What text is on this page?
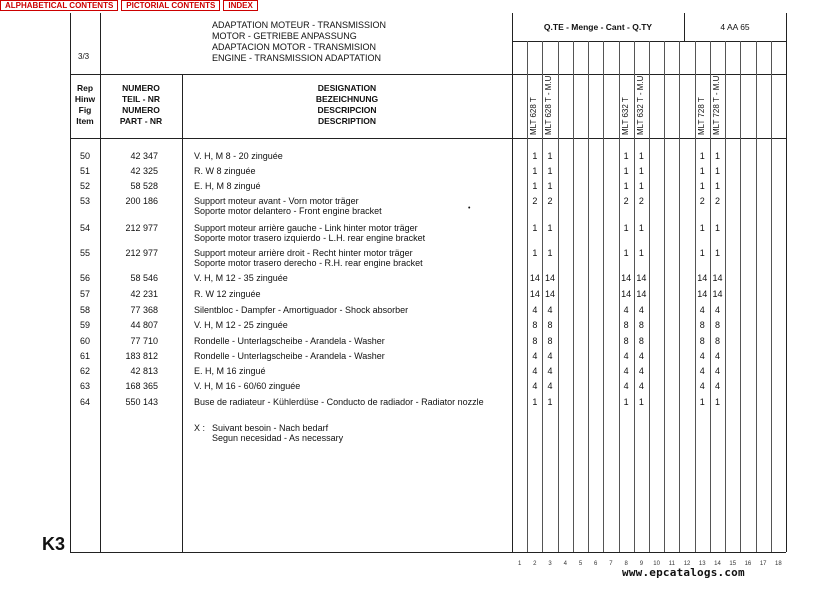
ALPHABETICAL CONTENTS	PICTORIAL CONTENTS	INDEX
3/3
ADAPTATION MOTEUR - TRANSMISSION
MOTOR - GETRIEBE ANPASSUNG
ADAPTACION MOTOR - TRANSMISION
ENGINE - TRANSMISSION ADAPTATION
Q.TE - Menge - Cant - Q.TY	4 AA 65
Rep
Hinw
Fig
Item
NUMERO
TEIL - NR
NUMERO
PART - NR
DESIGNATION
BEZEICHNUNG
DESCRIPCION
DESCRIPTION	MLT 628 T MLT 628 T - M.U.	MLT 632 T MLT 632 T - M.U.	MLT 728 T MLT 728 T - M.U.
50	42 347	V. H, M 8 - 20 zinguée	1	1	1	1	1	1
51	42 325	R. W 8 zinguée	1	1	1	1	1	1
52	58 528	E. H, M 8 zingué	1	1	1	1	1	1
53	200 186	Support moteur avant - Vorn motor träger
Soporte motor delantero - Front engine bracket
2	2	2	2	2	2
54	212 977	Support moteur arrière gauche - Link hinter motor träger
Soporte motor trasero izquierdo - L.H. rear engine bracket
1	1	1	1	1	1
55	212 977	Support moteur arrière droit - Recht hinter motor träger
Soporte motor trasero derecho - R.H. rear engine bracket
1	1	1	1	1	1
56	58 546	V. H, M 12 - 35 zinguée	14 14	14 14	14 14
57	42 231	R. W 12 zinguée	14 14	14 14	14 14
58	77 368	Silentbloc - Dampfer - Amortiguador - Shock absorber	4	4	4	4	4	4
59	44 807	V. H, M 12 - 25 zinguée	8	8	8	8	8	8
60	77 710	Rondelle - Unterlagscheibe - Arandela - Washer	8	8	8	8	8	8
61	183 812	Rondelle - Unterlagscheibe - Arandela - Washer	4	4	4	4	4	4
62	42 813	E. H, M 16 zingué	4	4	4	4	4	4
63	168 365	V. H, M 16 - 60/60 zinguée	4	4	4	4	4	4
64	550 143	Buse de radiateur - Kühlerdüse - Conducto de radiador - Radiator nozzle	1	1	1	1	1	1
X : Suivant besoin - Nach bedarf
Segun necesidad - As necessary
1	2	3	4	5	6	7	8	9	10	11	12	13	14	15	16	17	18
•
K3
www.epcatalogs.com
